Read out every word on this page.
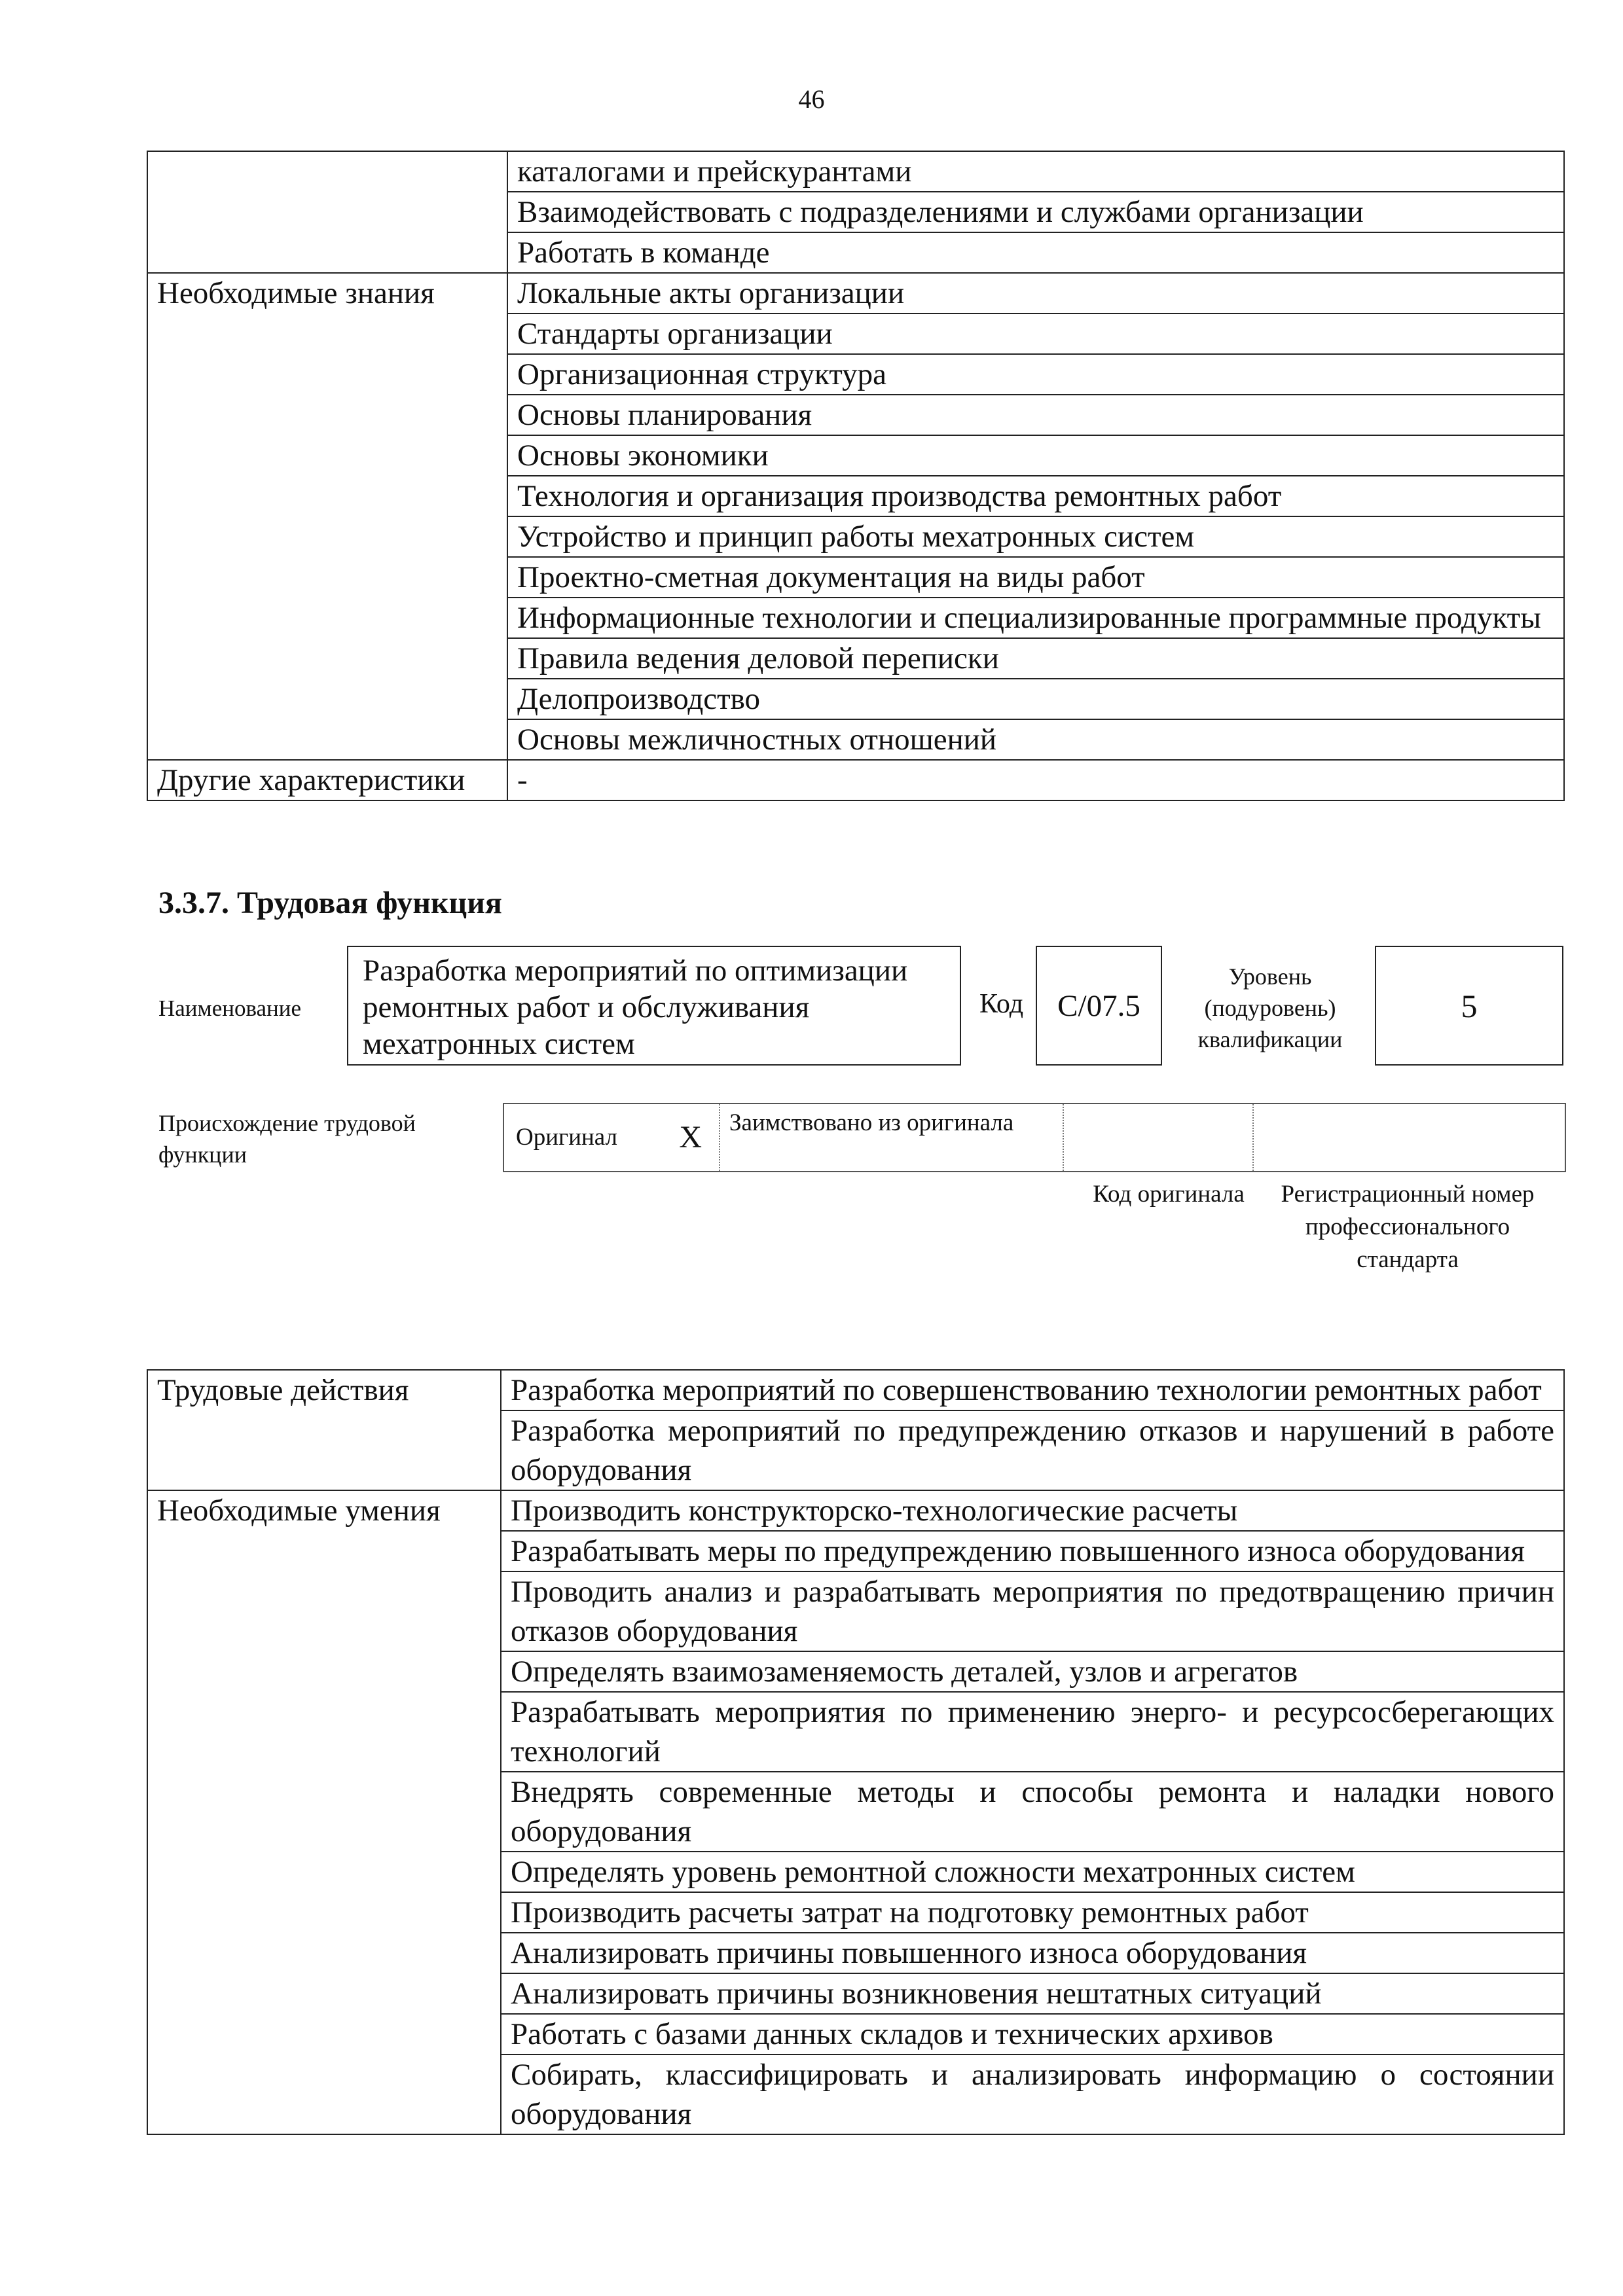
46
	каталогами и прейскурантами
	Взаимодействовать с подразделениями и службами организации
	Работать в команде
Необходимые знания	Локальные акты организации
	Стандарты организации
	Организационная структура
	Основы планирования
	Основы экономики
	Технология и организация производства ремонтных работ
	Устройство и принцип работы мехатронных систем
	Проектно-сметная документация на виды работ
	Информационные технологии и специализированные программные продукты
	Правила ведения деловой переписки
	Делопроизводство
	Основы межличностных отношений
Другие характеристики	-
3.3.7. Трудовая функция
Наименование
Разработка мероприятий по оптимизации ремонтных работ и обслуживания мехатронных систем
Код	С/07.5
Уровень (подуровень) квалификации
5
Происхождение трудовой функции
Оригинал X	Заимствовано из оригинала
Код оригинала	Регистрационный номер профессионального стандарта
Трудовые действия	Разработка мероприятий по совершенствованию технологии ремонтных работ
	Разработка мероприятий по предупреждению отказов и нарушений в работе оборудования
Необходимые умения	Производить конструкторско-технологические расчеты
	Разрабатывать меры по предупреждению повышенного износа оборудования
	Проводить анализ и разрабатывать мероприятия по предотвращению причин отказов оборудования
	Определять взаимозаменяемость деталей, узлов и агрегатов
	Разрабатывать мероприятия по применению энерго- и ресурсосберегающих технологий
	Внедрять современные методы и способы ремонта и наладки нового оборудования
	Определять уровень ремонтной сложности мехатронных систем
	Производить расчеты затрат на подготовку ремонтных работ
	Анализировать причины повышенного износа оборудования
	Анализировать причины возникновения нештатных ситуаций
	Работать с базами данных складов и технических архивов
	Собирать, классифицировать и анализировать информацию о состоянии оборудования
